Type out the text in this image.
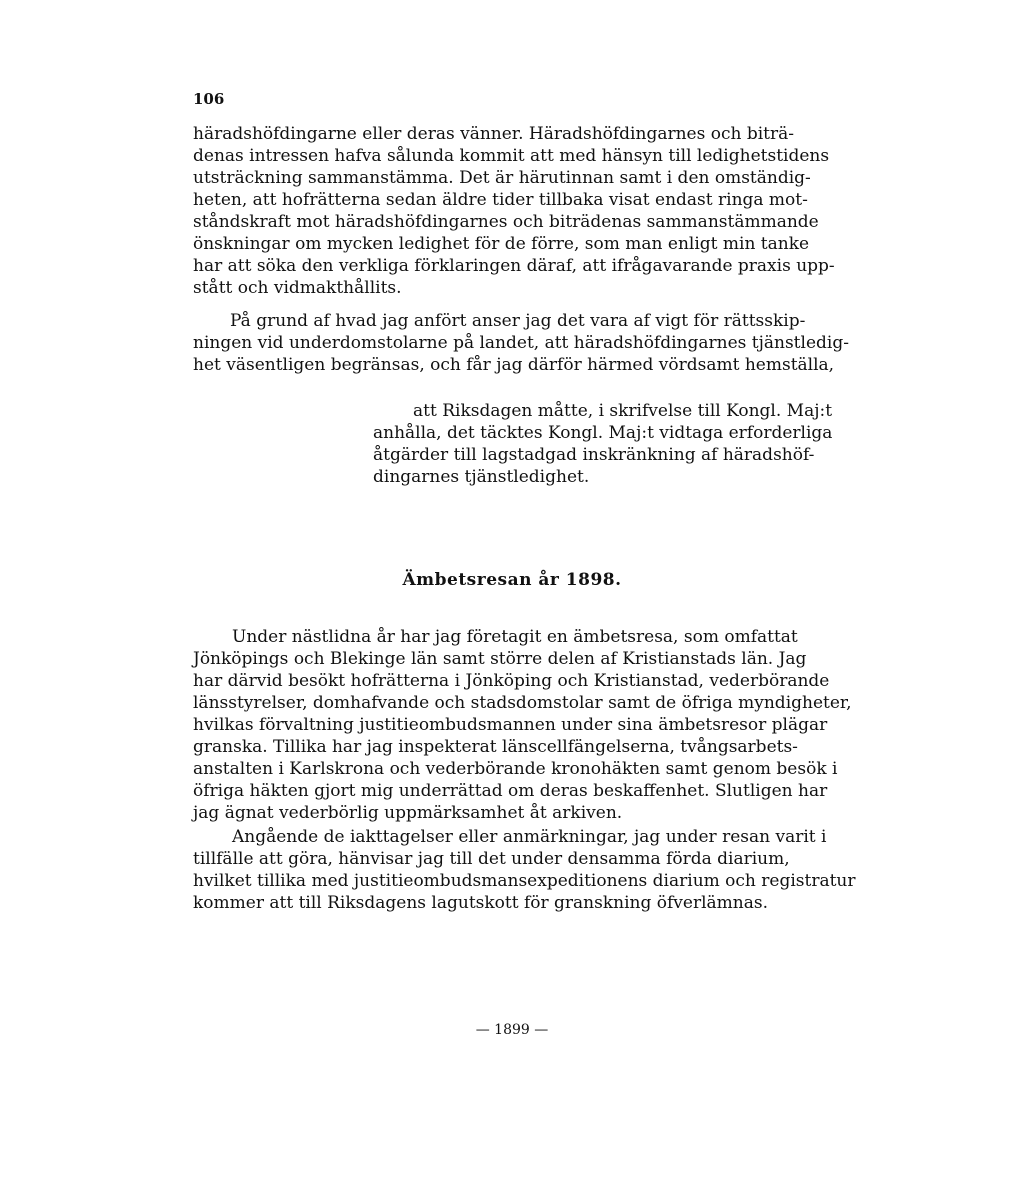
106
häradshöfdingarne eller deras vänner. Häradshöfdingarnes och biträ-
denas intressen hafva sålunda kommit att med hänsyn till ledighetstidens
utsträckning sammanstämma. Det är härutinnan samt i den omständig-
heten, att hofrätterna sedan äldre tider tillbaka visat endast ringa mot-
ståndskraft mot häradshöfdingarnes och biträdenas sammanstämmande
önskningar om mycken ledighet för de förre, som man enligt min tanke
har att söka den verkliga förklaringen däraf, att ifrågavarande praxis upp-
stått och vidmakthållits.
På grund af hvad jag anfört anser jag det vara af vigt för rättsskip-
ningen vid underdomstolarne på landet, att häradshöfdingarnes tjänstledig-
het väsentligen begränsas, och får jag därför härmed vördsamt hemställa,
att Riksdagen måtte, i skrifvelse till Kongl. Maj:t
anhålla, det täcktes Kongl. Maj:t vidtaga erforderliga
åtgärder till lagstadgad inskränkning af häradshöf-
dingarnes tjänstledighet.
Ämbetsresan år 1898.
Under nästlidna år har jag företagit en ämbetsresa, som omfattat
Jönköpings och Blekinge län samt större delen af Kristianstads län. Jag
har därvid besökt hofrätterna i Jönköping och Kristianstad, vederbörande
länsstyrelser, domhafvande och stadsdomstolar samt de öfriga myndigheter,
hvilkas förvaltning justitieombudsmannen under sina ämbetsresor plägar
granska. Tillika har jag inspekterat länscellfängelserna, tvångsarbets-
anstalten i Karlskrona och vederbörande kronohäkten samt genom besök i
öfriga häkten gjort mig underrättad om deras beskaffenhet. Slutligen har
jag ägnat vederbörlig uppmärksamhet åt arkiven.
Angående de iakttagelser eller anmärkningar, jag under resan varit i
tillfälle att göra, hänvisar jag till det under densamma förda diarium,
hvilket tillika med justitieombudsmansexpeditionens diarium och registratur
kommer att till Riksdagens lagutskott för granskning öfverlämnas.
— 1899 —
